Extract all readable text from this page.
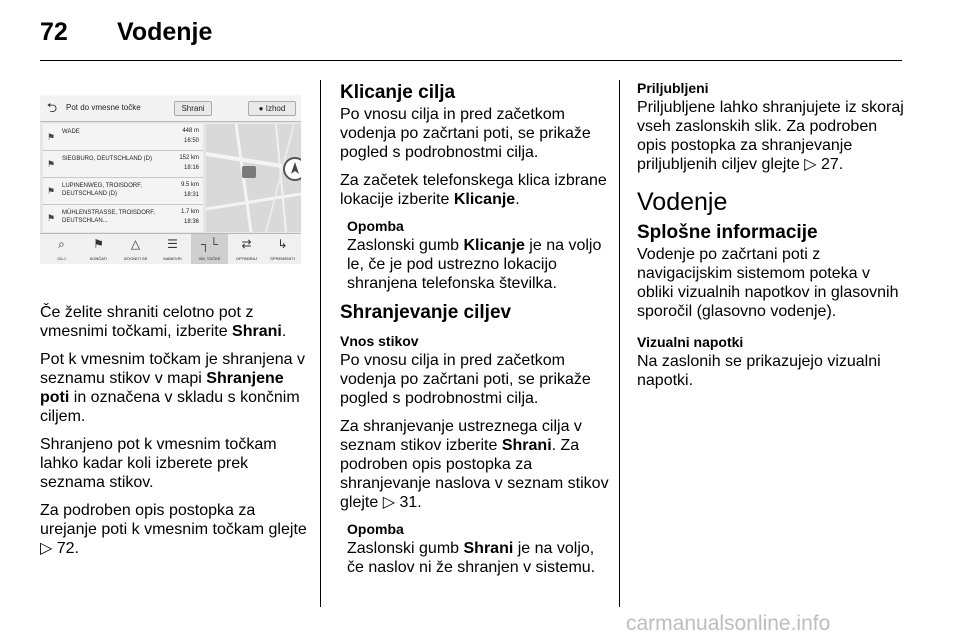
72 Vodenje
⮌ Pot do vmesne točke	Shrani	● Izhod
⚑	WADE	448 m
16:50
⚑	SIEGBURG, DEUTSCHLAND (D)	152 km
18:16
⚑	LUPINENWEG, TROISDORF, DEUTSCHLAND (D)
9.5 km
18:31
⚑	MÜHLENSTRASSE, TROISDORF, DEUTSCHLAN...
1.7 km
18:36
⌕
CILJ
⚑
KONČATI
△
IZOGNITI SE
☰
MANEVRI
┐└
VM. TOČKE
⇄
OPTIMIRAJ
↳
SPREMENITI

Če želite shraniti celotno pot z vmesnimi točkami, izberite Shrani.

Pot k vmesnim točkam je shranjena v seznamu stikov v mapi Shranjene poti in označena v skladu s končnim ciljem.

Shranjeno pot k vmesnim točkam lahko kadar koli izberete prek seznama stikov.

Za podroben opis postopka za urejanje poti k vmesnim točkam glejte ▷ 72.

Klicanje cilja

Po vnosu cilja in pred začetkom vodenja po začrtani poti, se prikaže pogled s podrobnostmi cilja.

Za začetek telefonskega klica izbrane lokacije izberite Klicanje.

Opomba

Zaslonski gumb Klicanje je na voljo le, če je pod ustrezno lokacijo shranjena telefonska številka.

Shranjevanje ciljev
Vnos stikov

Po vnosu cilja in pred začetkom vodenja po začrtani poti, se prikaže pogled s podrobnostmi cilja.

Za shranjevanje ustreznega cilja v seznam stikov izberite Shrani. Za podroben opis postopka za shranjevanje naslova v seznam stikov glejte ▷ 31.

Opomba

Zaslonski gumb Shrani je na voljo, če naslov ni že shranjen v sistemu.

Priljubljeni

Priljubljene lahko shranjujete iz skoraj vseh zaslonskih slik. Za podroben opis postopka za shranjevanje priljubljenih ciljev glejte ▷ 27.

Vodenje
Splošne informacije

Vodenje po začrtani poti z navigacijskim sistemom poteka v obliki vizualnih napotkov in glasovnih sporočil (glasovno vodenje).

Vizualni napotki

Na zaslonih se prikazujejo vizualni napotki.

carmanualsonline.info
